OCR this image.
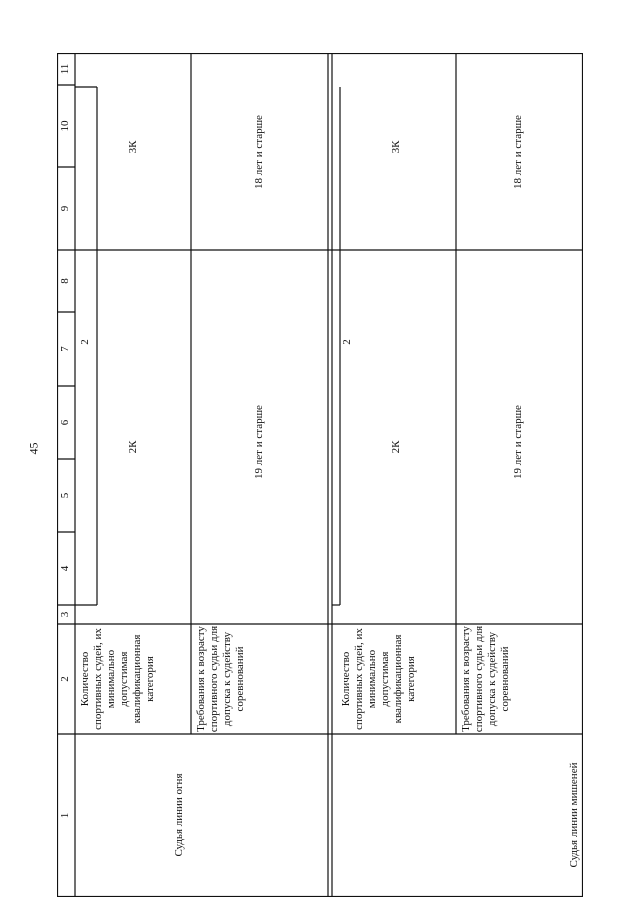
45
1
2
3
4
5
6
7
8
9
10
11
Судья линии огня
Количество спортивных судей, их минимально допустимая квалификационная категория
2
2К
3К
Требования к возрасту спортивного судьи для допуска к судейству соревнований
19 лет и старше
18 лет и старше
Судья линии мишеней
Количество спортивных судей, их минимально допустимая квалификационная категория
2
2К
3К
Требования к возрасту спортивного судьи для допуска к судейству соревнований
19 лет и старше
18 лет и старше
